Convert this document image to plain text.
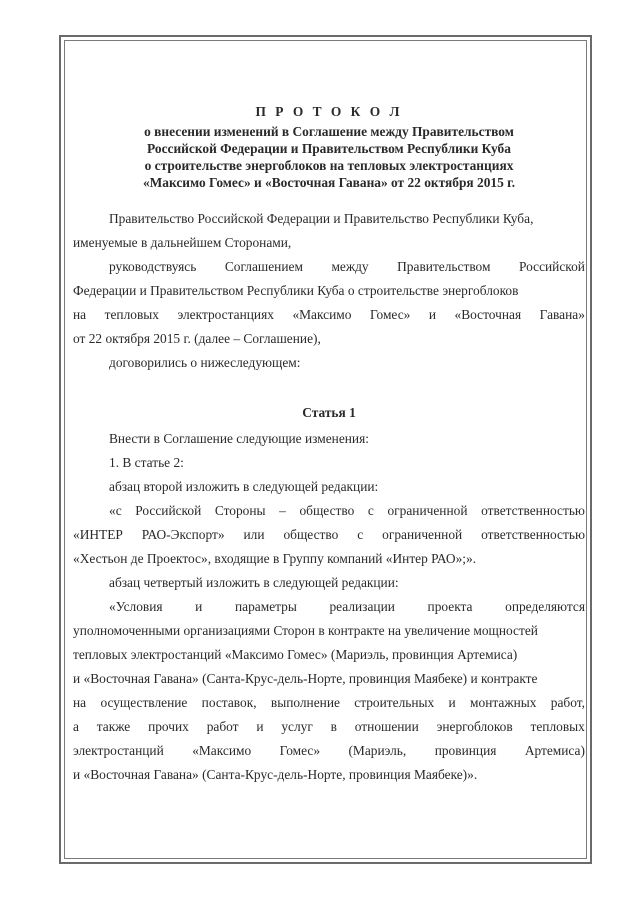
П Р О Т О К О Л
о внесении изменений в Соглашение между Правительством
Российской Федерации и Правительством Республики Куба
о строительстве энергоблоков на тепловых электростанциях
«Максимо Гомес» и «Восточная Гавана» от 22 октября 2015 г.
Правительство Российской Федерации и Правительство Республики Куба,
именуемые в дальнейшем Сторонами,
руководствуясь Соглашением между Правительством Российской
Федерации и Правительством Республики Куба о строительстве энергоблоков
на тепловых электростанциях «Максимо Гомес» и «Восточная Гавана»
от 22 октября 2015 г. (далее – Соглашение),
договорились о нижеследующем:
Статья 1
Внести в Соглашение следующие изменения:
1. В статье 2:
абзац второй изложить в следующей редакции:
«с Российской Стороны – общество с ограниченной ответственностью
«ИНТЕР РАО-Экспорт» или общество с ограниченной ответственностью
«Хестьон де Проектос», входящие в Группу компаний «Интер РАО»;».
абзац четвертый изложить в следующей редакции:
«Условия и параметры реализации проекта определяются
уполномоченными организациями Сторон в контракте на увеличение мощностей
тепловых электростанций «Максимо Гомес» (Мариэль, провинция Артемиса)
и «Восточная Гавана» (Санта-Крус-дель-Норте, провинция Маябеке) и контракте
на осуществление поставок, выполнение строительных и монтажных работ,
а также прочих работ и услуг в отношении энергоблоков тепловых
электростанций «Максимо Гомес» (Мариэль, провинция Артемиса)
и «Восточная Гавана» (Санта-Крус-дель-Норте, провинция Маябеке)».
